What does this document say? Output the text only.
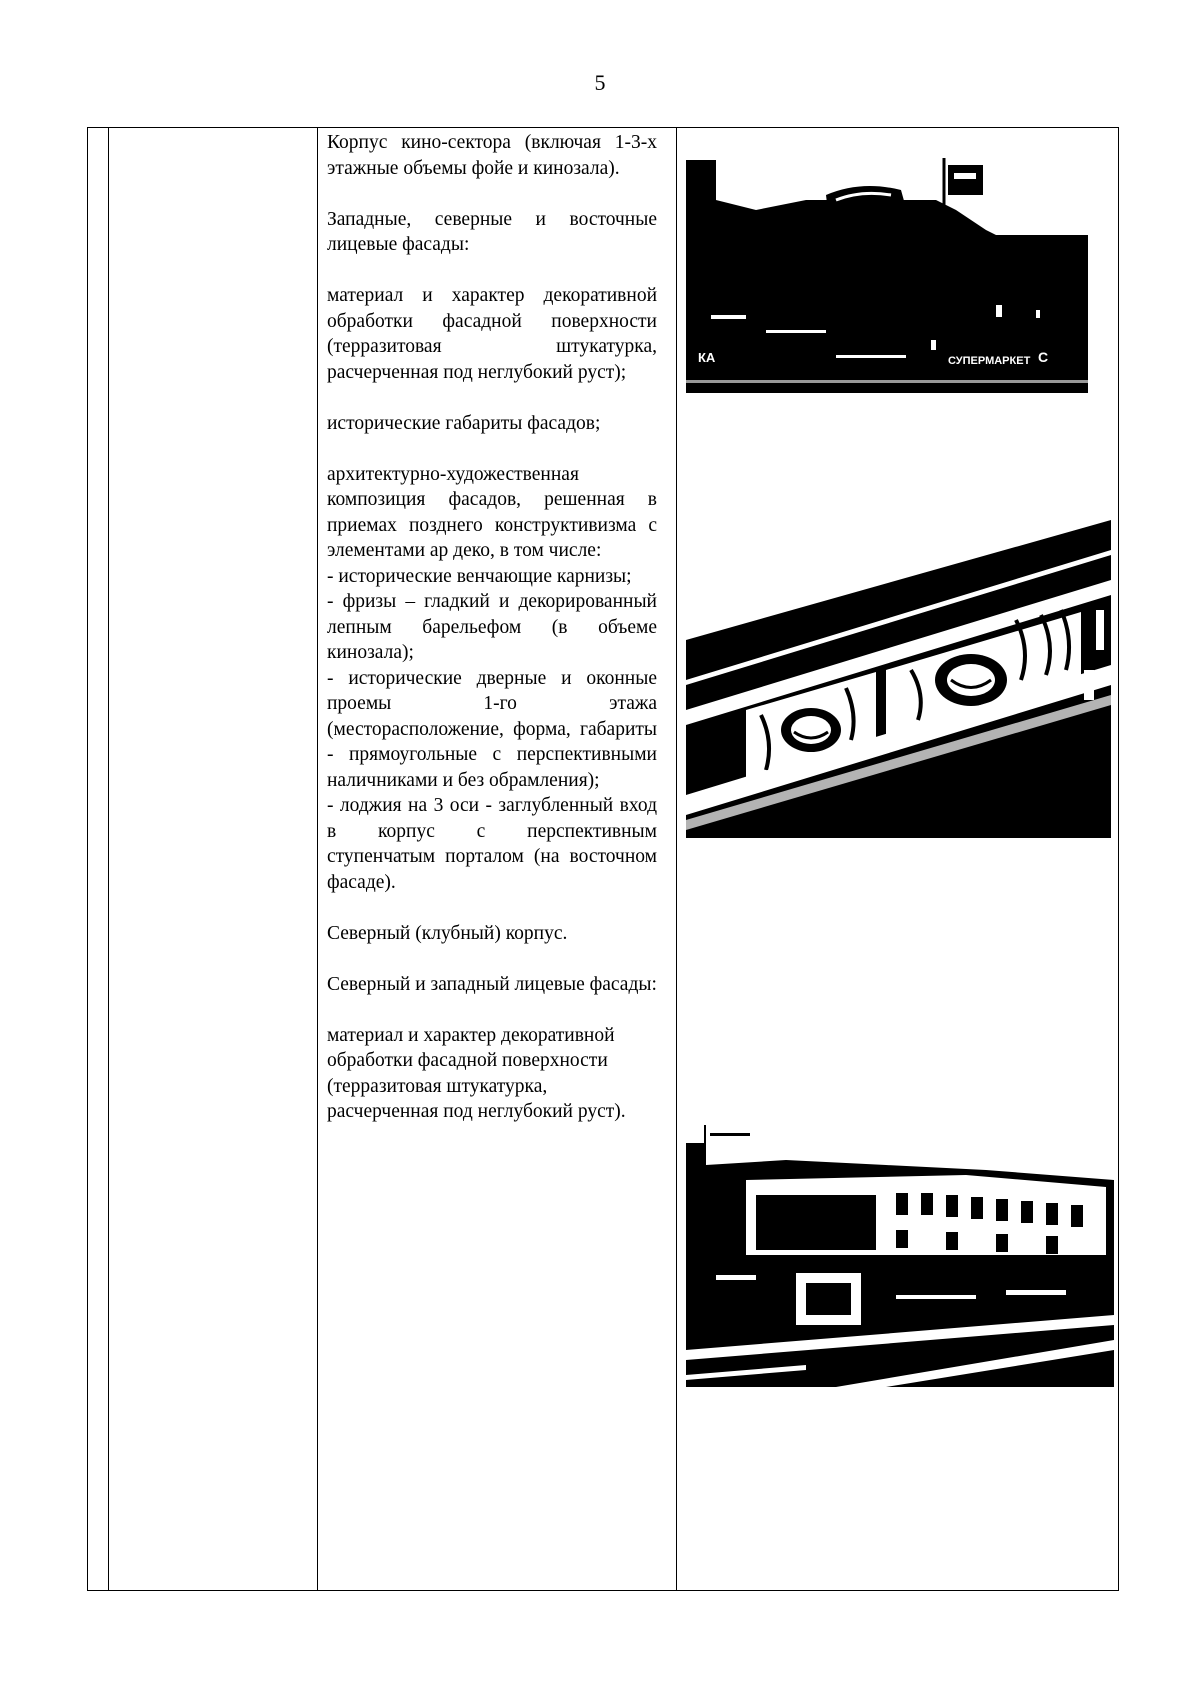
5

Корпус кино-сектора (включая 1-3-х этажные объемы фойе и кинозала).

Западные, северные и восточные лицевые фасады:

материал и характер декоративной обработки фасадной поверхности (терразитовая штукатурка, расчерченная под неглубокий руст);

исторические габариты фасадов;

архитектурно-художественная композиция фасадов, решенная в приемах позднего конструктивизма с элементами ар деко, в том числе:

- исторические венчающие карнизы;

- фризы – гладкий и декорированный лепным барельефом (в объеме кинозала);

- исторические дверные и оконные проемы 1-го этажа (месторасположение, форма, габариты - прямоугольные с перспективными наличниками и без обрамления);

- лоджия на 3 оси - заглубленный вход в корпус с перспективным ступенчатым порталом (на восточном фасаде).

Северный (клубный) корпус.

Северный и западный лицевые фасады:

материал и характер декоративной обработки фасадной поверхности (терразитовая штукатурка, расчерченная под неглубокий руст).

КА	СУПЕРМАРКЕТ С
